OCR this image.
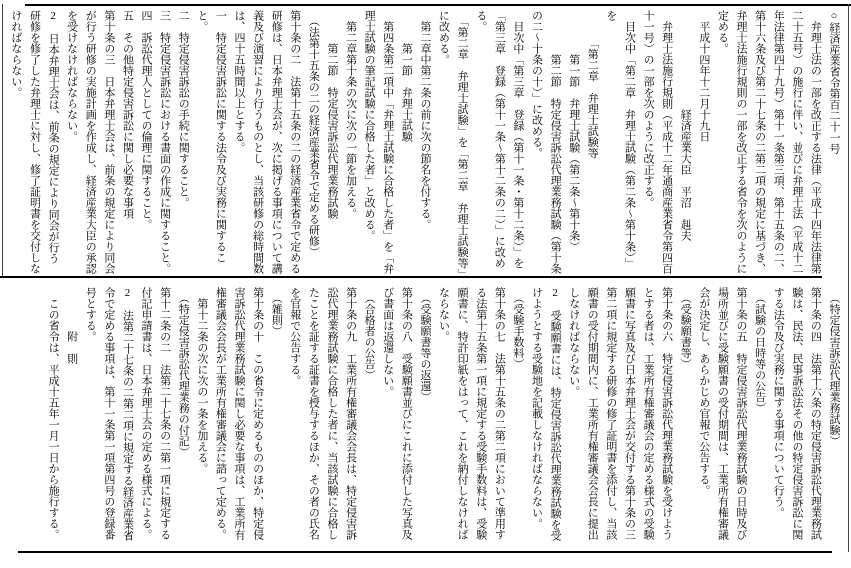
○経済産業省令第百二十一号

　弁理士法の一部を改正する法律（平成十四年法律第二十五号）の施行に伴い、並びに弁理士法（平成十二年法律第四十九号）第十一条第三項、第十五条の二、第十六条及び第二十七条の二第二項の規定に基づき、弁理士法施行規則の一部を改正する省令を次のように定める。

　平成十四年十二月十九日

　　　　　　　　　経済産業大臣　平沼　赳夫

　弁理士法施行規則（平成十二年通商産業省令第四百十一号）の一部を次のように改正する。

　目次中「第二章　弁理士試験（第二条～第十条）」を

　　　「第二章　弁理士試験等

　　　　第一節　弁理士試験（第二条～第十条）

　　　　第二節　特定侵害訴訟代理業務試験（第十条の二～十条の十）」に改める。

　目次中「第三章　登録（第十一条・第十二条）」を「第三章　登録（第十一条～第十二条の二）」に改める。

　「第二章　弁理士試験」を「第二章　弁理士試験等」に改める。

　第二章中第二条の前に次の節名を付する。

　　　第一節　弁理士試験

　第四条第二項中「弁理士試験に合格した者」を「弁理士試験の筆記試験に合格した者」と改める。

　第二章第十条の次に次の一節を加える。

　　　第二節　特定侵害訴訟代理業務試験

　（法第十五条の二の経済産業省令で定める研修）

第十条の二　法第十五条の二の経済産業省令で定める研修は、日本弁理士会が、次に掲げる事項について講義及び演習により行うものとし、当該研修の総時間数は、四十五時間以上とする。

一　特定侵害訴訟に関する法令及び実務に関すること。

二　特定侵害訴訟の手続に関すること。

三　特定侵害訴訟における書面の作成に関すること。

四　訴訟代理人としての倫理に関すること。

五　その他特定侵害訴訟に関し必要な事項

第十条の三　日本弁理士会は、前条の規定により同会が行う研修の実施計画を作成し、経済産業大臣の承認を受けなければならない。

2　日本弁理士会は、前条の規定により同会が行う研修を修了した弁理士に対し、修了証明書を交付しなければならない。

　（特定侵害訴訟代理業務試験）

第十条の四　法第十六条の特定侵害訴訟代理業務試験は、民法、民事訴訟法その他の特定侵害訴訟に関する法令及び実務に関する事項について行う。

　（試験の日時等の公告）

第十条の五　特定侵害訴訟代理業務試験の日時及び場所並びに受験願書の受付期間は、工業所有権審議会が決定し、あらかじめ官報で公告する。

　（受験願書等）

第十条の六　特定侵害訴訟代理業務試験を受けようとする者は、工業所有権審議会の定める様式の受験願書に写真及び日本弁理士会が交付する第十条の三第二項に規定する研修の修了証明書を添付し、当該願書の受付期間内に、工業所有権審議会会長に提出しなければならない。

2　受験願書には、特定侵害訴訟代理業務試験を受けようとする受験地を記載しなければならない。

　（受験手数料）

第十条の七　法第十五条の二第二項において準用する法第十五条第一項に規定する受験手数料は、受験願書に、特許印紙をはって、これを納付しなければならない。

　（受験願書等の返還）

第十条の八　受験願書並びにこれに添付した写真及び書面は返還しない。

　（合格者の公告）

第十条の九　工業所有権審議会会長は、特定侵害訴訟代理業務試験に合格した者に、当該試験に合格したことを証する証書を授与するほか、その者の氏名を官報で公告する。

　（雑則）

第十条の十　この省令に定めるもののほか、特定侵害訴訟代理業務試験に関し必要な事項は、工業所有権審議会会長が工業所有権審議会に諮って定める。

　第十二条の次に次の一条を加える。

　（特定侵害訴訟代理業務の付記）

第十二条の二　法第二十七条の二第一項に規定する付記申請書は、日本弁理士会の定める様式による。

2　法第二十七条の二第二項に規定する経済産業省令で定める事項は、第十一条第一項第四号の登録番号とする。

　　　　附　則

　この省令は、平成十五年一月一日から施行する。
